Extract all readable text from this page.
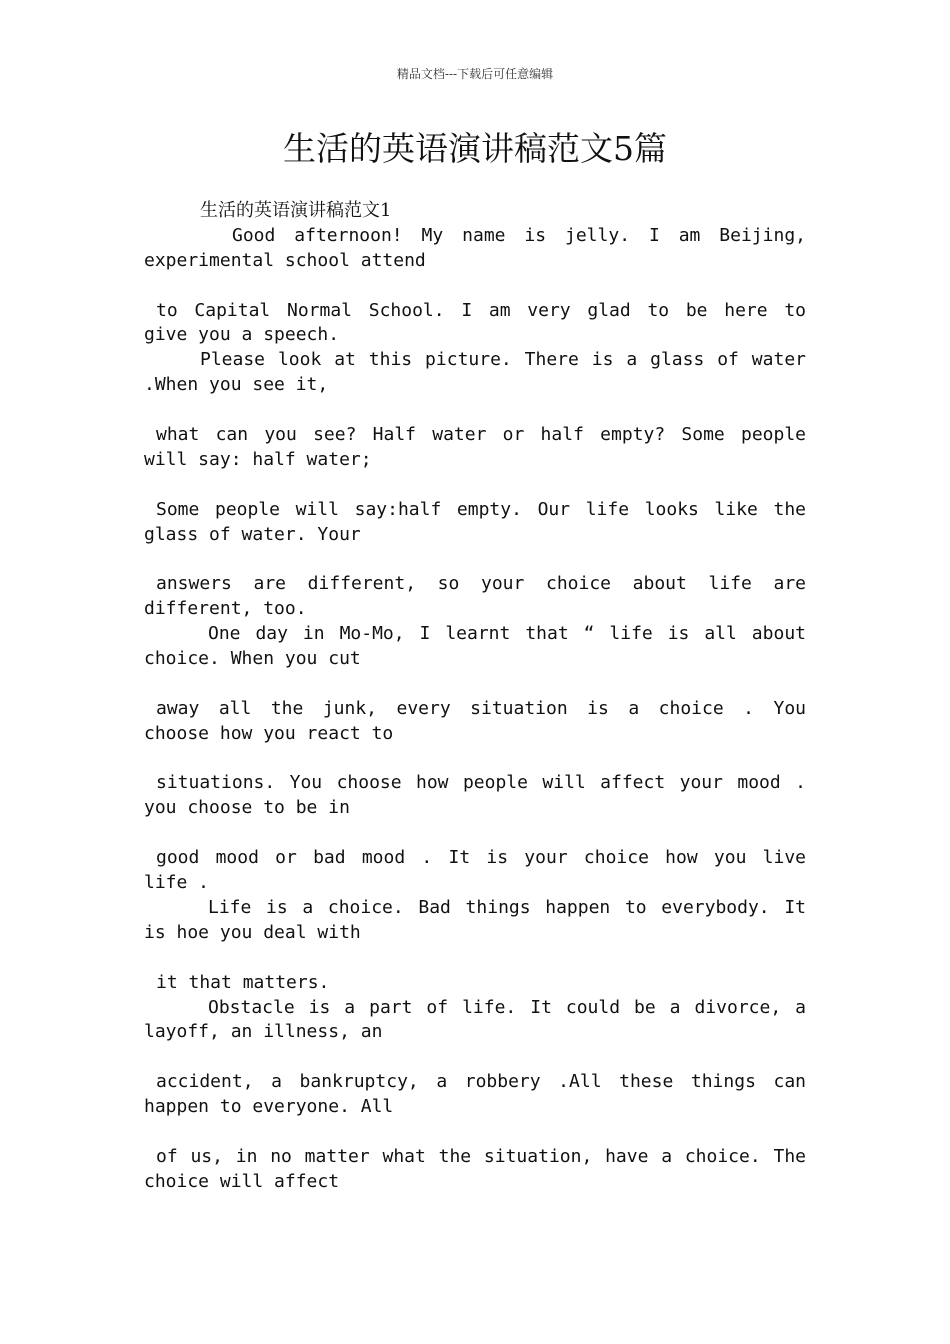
精品文档---下载后可任意编辑
生活的英语演讲稿范文5篇
生活的英语演讲稿范文1
Good afternoon! My name is jelly. I am Beijing,
experimental school attend
to Capital Normal School. I am very glad to be here to
give you a speech.
Please look at this picture. There is a glass of water
.When you see it,
what can you see? Half water or half empty? Some people
will say: half water;
Some people will say:half empty. Our life looks like the
glass of water. Your
answers are different, so your choice about life are
different, too.
One day in Mo-Mo, I learnt that “ life is all about
choice. When you cut
away all the junk, every situation is a choice . You
choose how you react to
situations. You choose how people will affect your mood .
you choose to be in
good mood or bad mood . It is your choice how you live
life .
Life is a choice. Bad things happen to everybody. It
is hoe you deal with
it that matters.
Obstacle is a part of life. It could be a divorce, a
layoff, an illness, an
accident, a bankruptcy, a robbery .All these things can
happen to everyone. All
of us, in no matter what the situation, have a choice. The
choice will affect
